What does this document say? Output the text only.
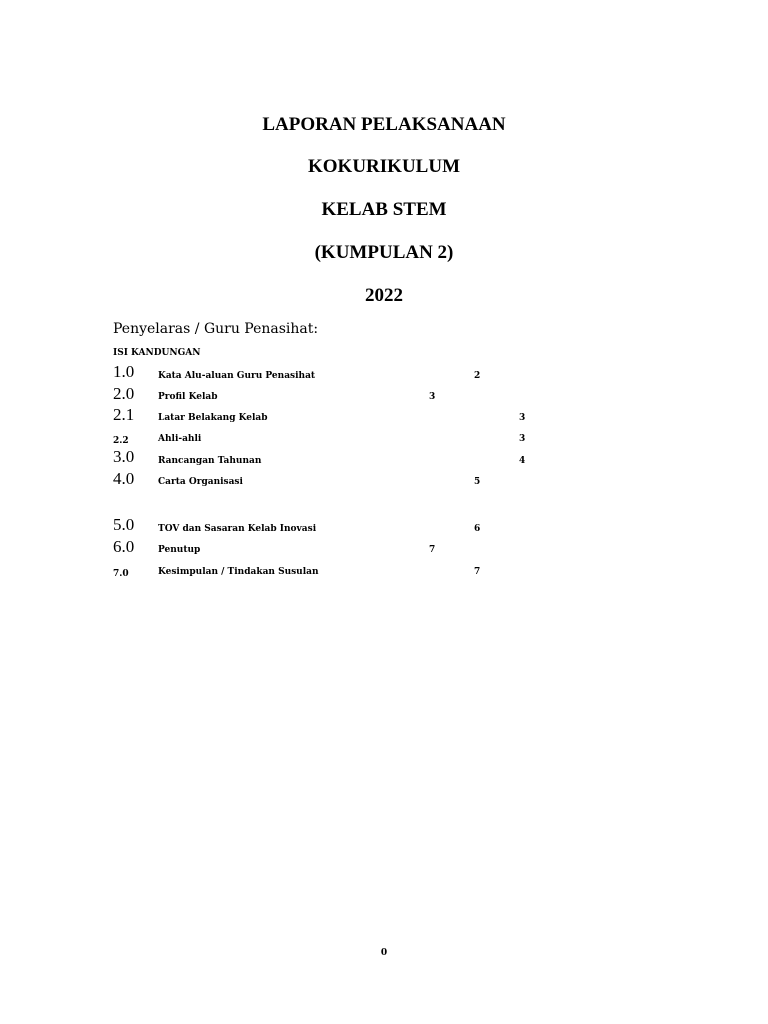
LAPORAN PELAKSANAAN
KOKURIKULUM
KELAB STEM
(KUMPULAN 2)
2022
Penyelaras / Guru Penasihat:
ISI KANDUNGAN
1.0	Kata Alu-aluan Guru Penasihat	2
2.0	Profil Kelab	3
2.1	Latar Belakang Kelab	3
2.2	Ahli-ahli	3
3.0	Rancangan Tahunan	4
4.0	Carta Organisasi	5
5.0	TOV dan Sasaran Kelab Inovasi	6
6.0	Penutup	7
7.0	Kesimpulan / Tindakan Susulan	7
0
